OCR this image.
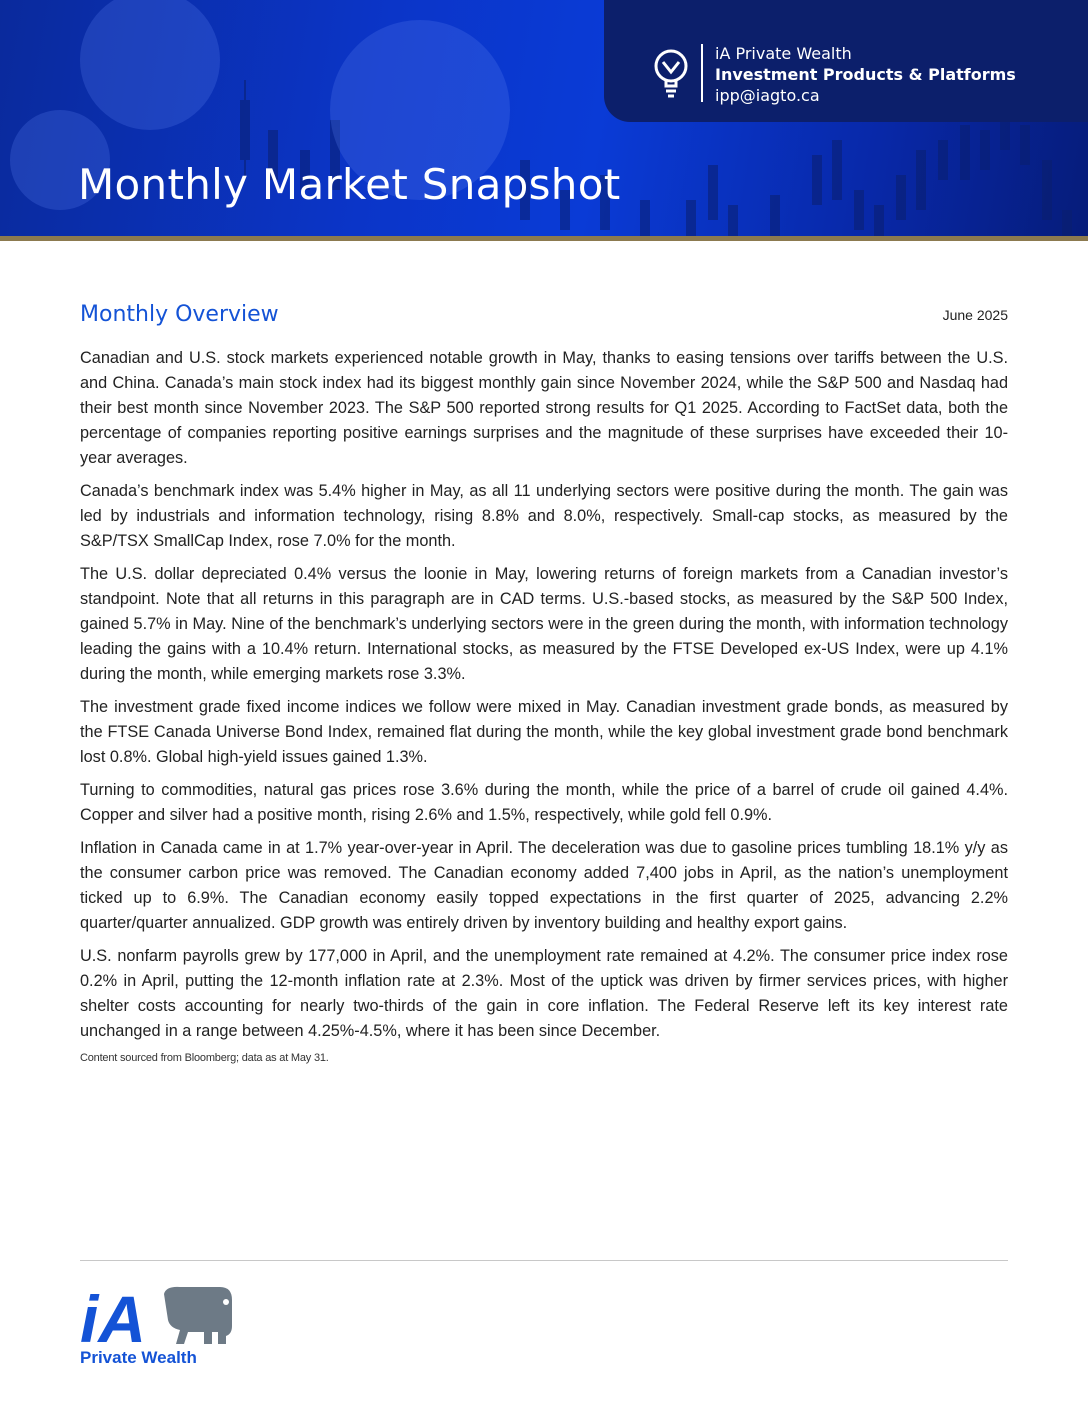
Monthly Market Snapshot
iA Private Wealth
Investment Products & Platforms
ipp@iagto.ca
Monthly Overview	June 2025

Canadian and U.S. stock markets experienced notable growth in May, thanks to easing tensions over tariffs between the U.S. and China. Canada’s main stock index had its biggest monthly gain since November 2024, while the S&P 500 and Nasdaq had their best month since November 2023. The S&P 500 reported strong results for Q1 2025. According to FactSet data, both the percentage of companies reporting positive earnings surprises and the magnitude of these surprises have exceeded their 10-year averages.

Canada’s benchmark index was 5.4% higher in May, as all 11 underlying sectors were positive during the month. The gain was led by industrials and information technology, rising 8.8% and 8.0%, respectively. Small-cap stocks, as measured by the S&P/TSX SmallCap Index, rose 7.0% for the month.

The U.S. dollar depreciated 0.4% versus the loonie in May, lowering returns of foreign markets from a Canadian investor’s standpoint. Note that all returns in this paragraph are in CAD terms. U.S.-based stocks, as measured by the S&P 500 Index, gained 5.7% in May. Nine of the benchmark’s underlying sectors were in the green during the month, with information technology leading the gains with a 10.4% return. International stocks, as measured by the FTSE Developed ex-US Index, were up 4.1% during the month, while emerging markets rose 3.3%.

The investment grade fixed income indices we follow were mixed in May. Canadian investment grade bonds, as measured by the FTSE Canada Universe Bond Index, remained flat during the month, while the key global investment grade bond benchmark lost 0.8%. Global high-yield issues gained 1.3%.

Turning to commodities, natural gas prices rose 3.6% during the month, while the price of a barrel of crude oil gained 4.4%. Copper and silver had a positive month, rising 2.6% and 1.5%, respectively, while gold fell 0.9%.

Inflation in Canada came in at 1.7% year-over-year in April. The deceleration was due to gasoline prices tumbling 18.1% y/y as the consumer carbon price was removed. The Canadian economy added 7,400 jobs in April, as the nation’s unemployment ticked up to 6.9%. The Canadian economy easily topped expectations in the first quarter of 2025, advancing 2.2% quarter/quarter annualized. GDP growth was entirely driven by inventory building and healthy export gains.

U.S. nonfarm payrolls grew by 177,000 in April, and the unemployment rate remained at 4.2%. The consumer price index rose 0.2% in April, putting the 12-month inflation rate at 2.3%. Most of the uptick was driven by firmer services prices, with higher shelter costs accounting for nearly two-thirds of the gain in core inflation. The Federal Reserve left its key interest rate unchanged in a range between 4.25%-4.5%, where it has been since December.

Content sourced from Bloomberg; data as at May 31.
iA
Private Wealth
